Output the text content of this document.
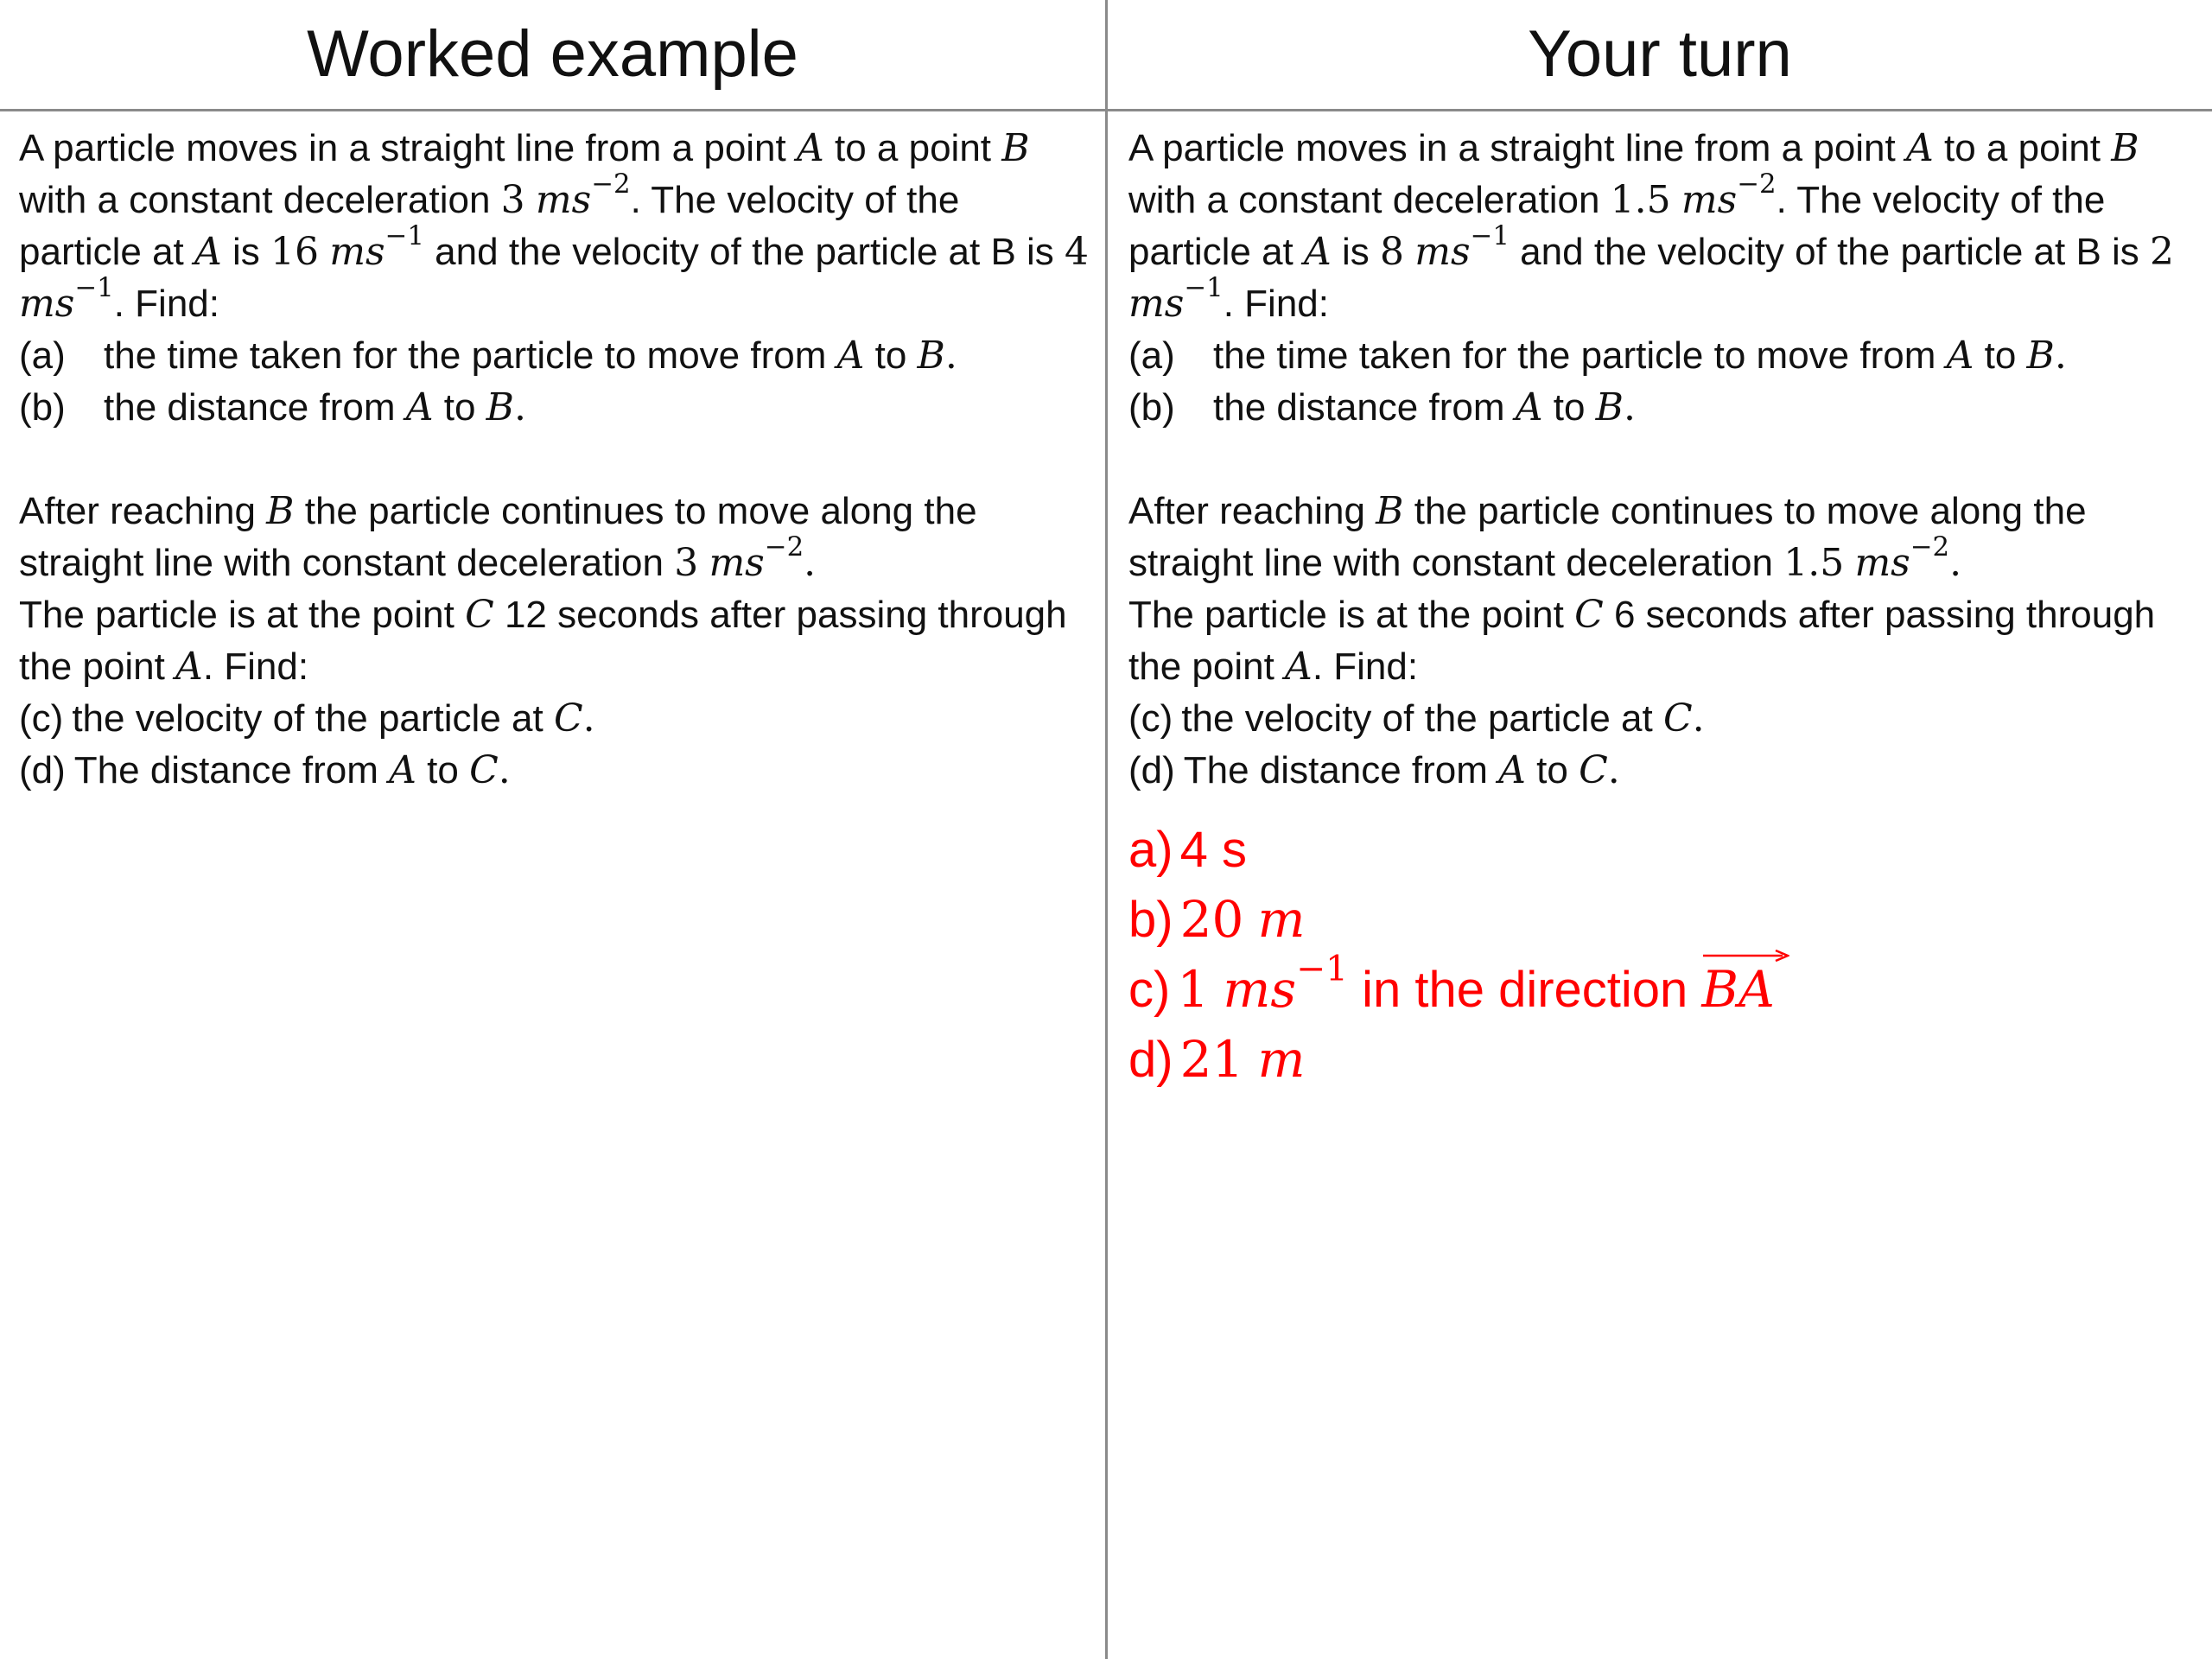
Worked example	Your turn

A particle moves in a straight line from a point A to a point B with a constant deceleration 3 $ms^{-2}$. The velocity of the particle at A is 16 $ms^{-1}$ and the velocity of the particle at B is 4 $ms^{-1}$. Find:

(a) the time taken for the particle to move from A to B.

(b) the distance from A to B.

After reaching B the particle continues to move along the straight line with constant deceleration 3 $ms^{-2}$.
The particle is at the point C 12 seconds after passing through the point A. Find:

(c) the velocity of the particle at C.

(d) The distance from A to C.

A particle moves in a straight line from a point A to a point B with a constant deceleration 1.5 $ms^{-2}$. The velocity of the particle at A is 8 $ms^{-1}$ and the velocity of the particle at B is 2 $ms^{-1}$. Find:

(a) the time taken for the particle to move from A to B.

(b) the distance from A to B.

After reaching B the particle continues to move along the straight line with constant deceleration 1.5 $ms^{-2}$.
The particle is at the point C 6 seconds after passing through the point A. Find:

(c) the velocity of the particle at C.

(d) The distance from A to C.

a) 4 s

b) 20 m

c) 1 $ms^{-1}$ in the direction
BA

d) 21 m
